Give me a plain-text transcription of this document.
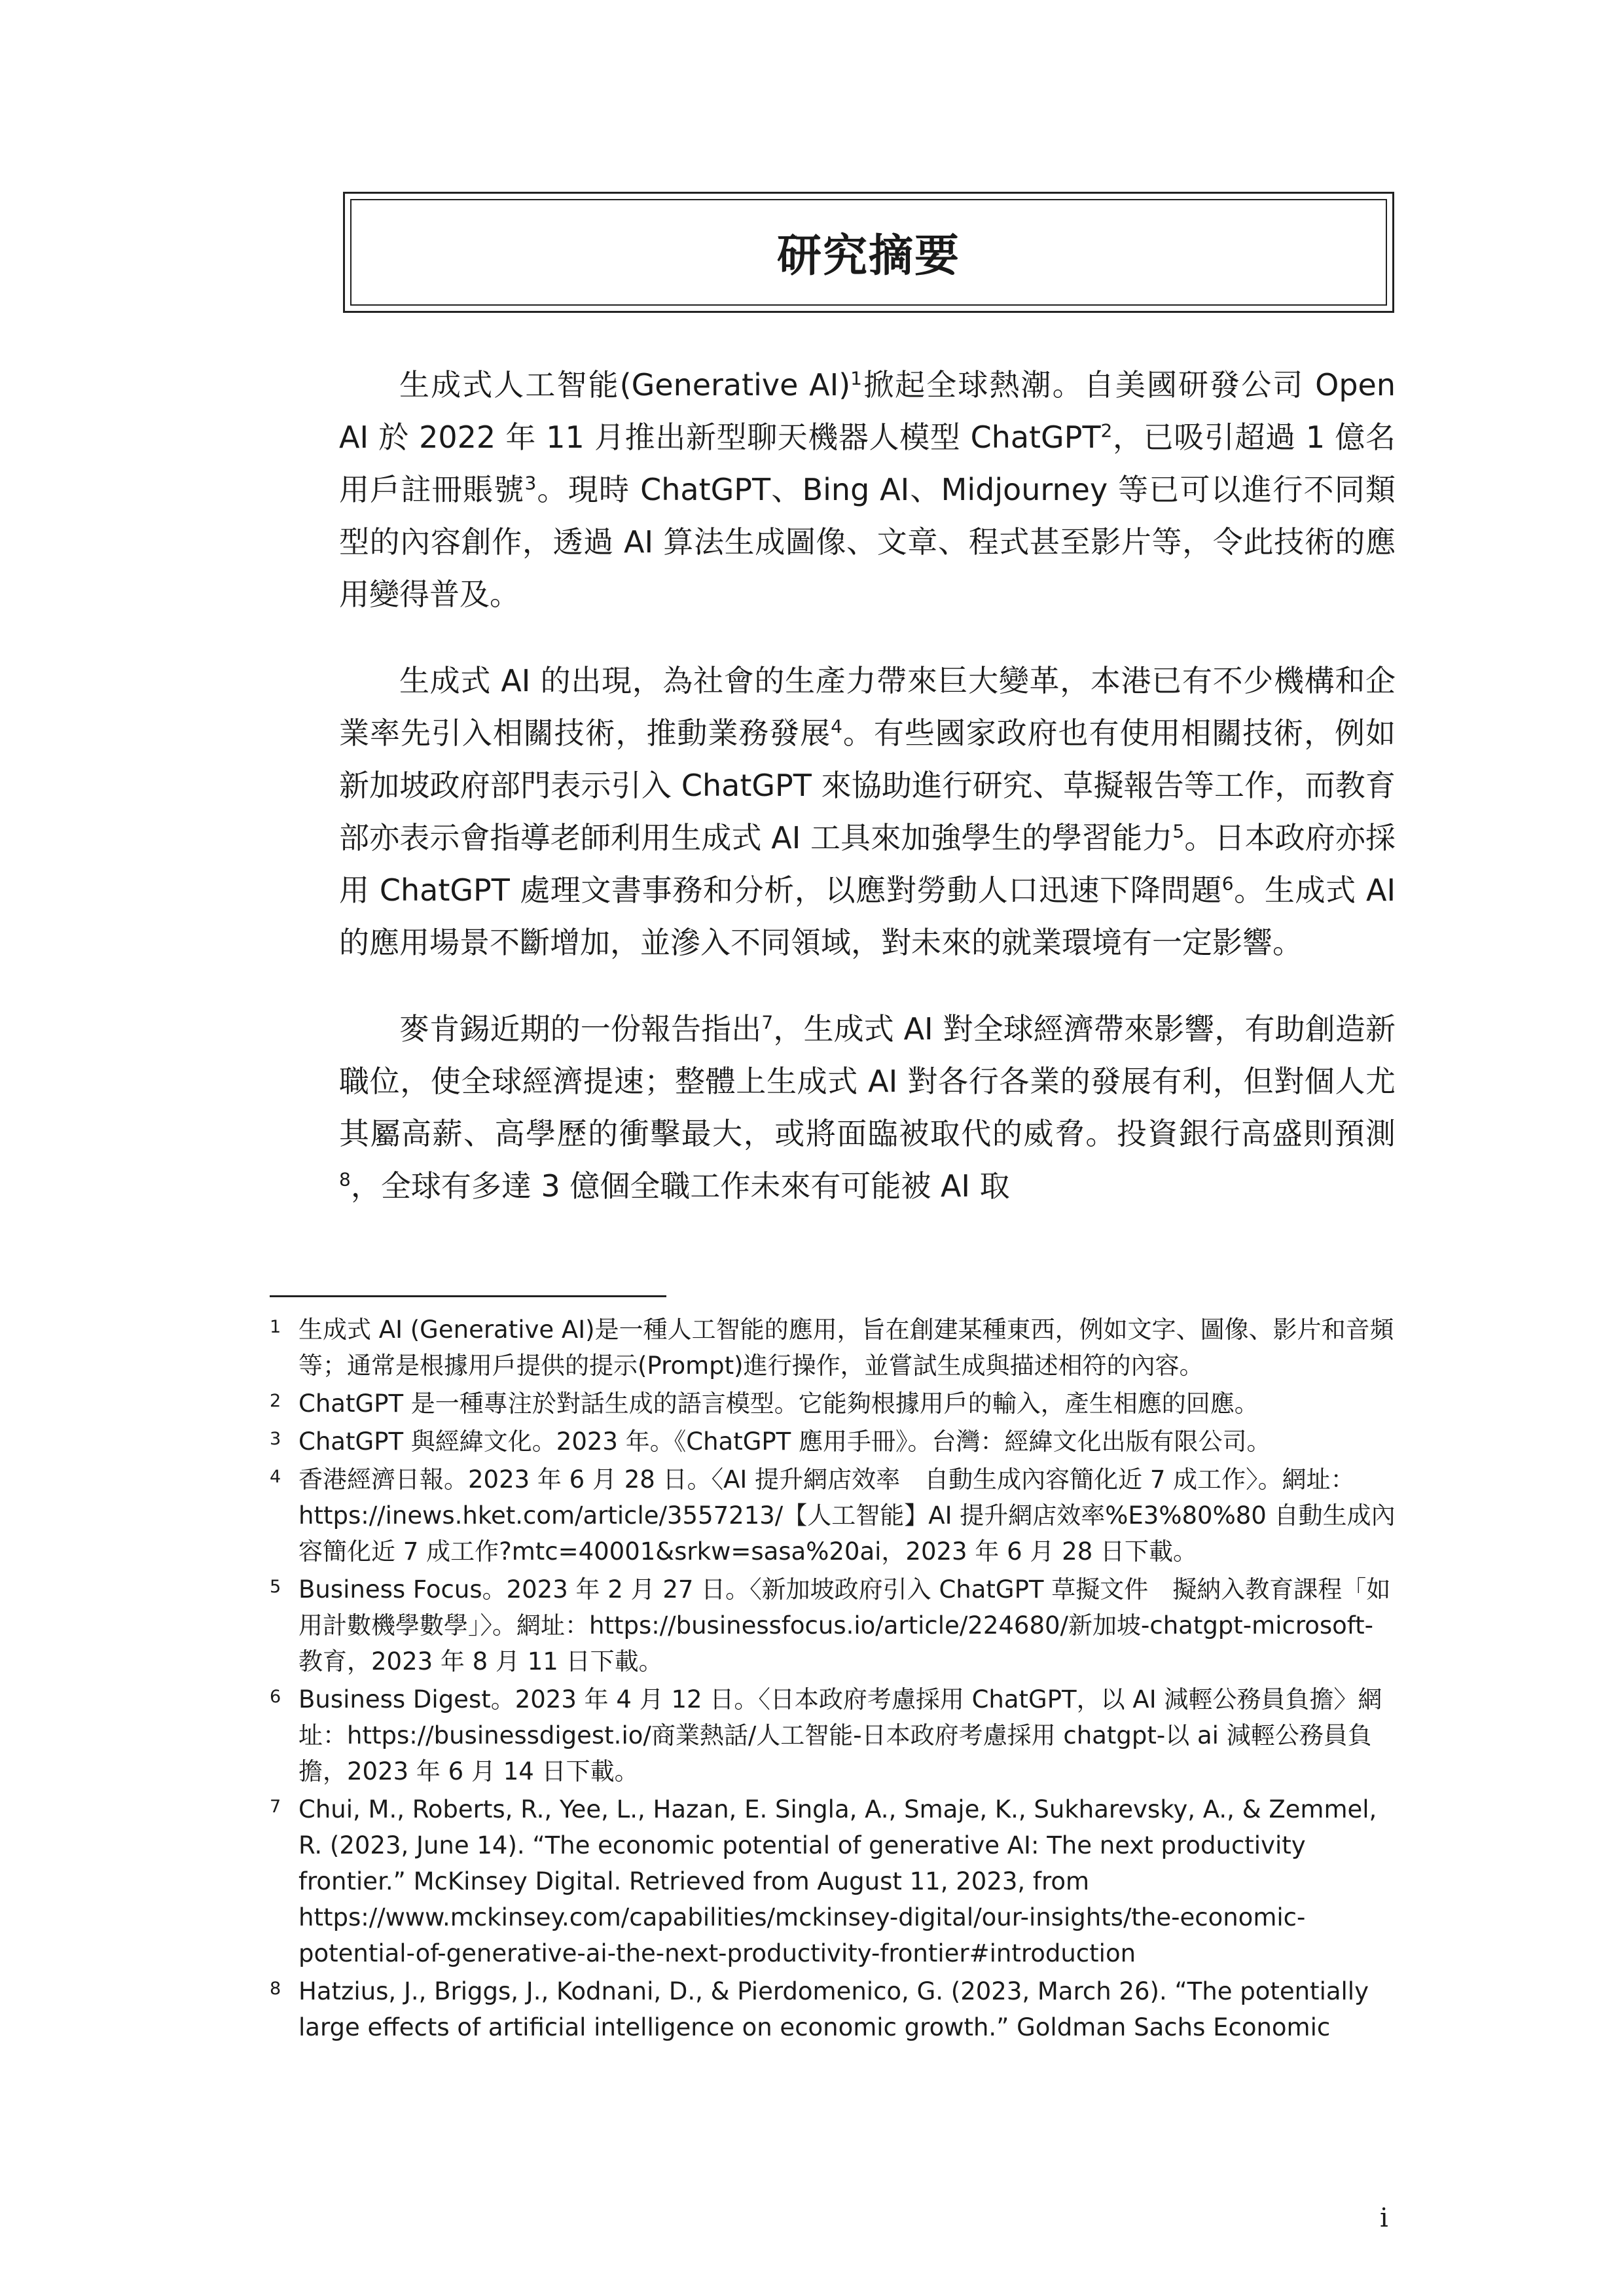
研究摘要

生成式人工智能(Generative AI)$^1$掀起全球熱潮。自美國研發公司 Open AI 於 2022 年 11 月推出新型聊天機器人模型 ChatGPT$^2$，已吸引超過 1 億名用戶註冊賬號$^3$。現時 ChatGPT、Bing AI、Midjourney 等已可以進行不同類型的內容創作，透過 AI 算法生成圖像、文章、程式甚至影片等，令此技術的應用變得普及。

生成式 AI 的出現，為社會的生產力帶來巨大變革，本港已有不少機構和企業率先引入相關技術，推動業務發展$^4$。有些國家政府也有使用相關技術，例如新加坡政府部門表示引入 ChatGPT 來協助進行研究、草擬報告等工作，而教育部亦表示會指導老師利用生成式 AI 工具來加強學生的學習能力$^5$。日本政府亦採用 ChatGPT 處理文書事務和分析，以應對勞動人口迅速下降問題$^6$。生成式 AI 的應用場景不斷增加，並滲入不同領域，對未來的就業環境有一定影響。

麥肯錫近期的一份報告指出$^7$，生成式 AI 對全球經濟帶來影響，有助創造新職位，使全球經濟提速；整體上生成式 AI 對各行各業的發展有利，但對個人尤其屬高薪、高學歷的衝擊最大，或將面臨被取代的威脅。投資銀行高盛則預測$^8$，全球有多達 3 億個全職工作未來有可能被 AI 取

1 生成式 AI (Generative AI)是一種人工智能的應用，旨在創建某種東西，例如文字、圖像、影片和音頻等；通常是根據用戶提供的提示(Prompt)進行操作，並嘗試生成與描述相符的內容。
2 ChatGPT 是一種專注於對話生成的語言模型。它能夠根據用戶的輸入，產生相應的回應。
3 ChatGPT 與經緯文化。2023 年。《ChatGPT 應用手冊》。台灣：經緯文化出版有限公司。
4 香港經濟日報。2023 年 6 月 28 日。〈AI 提升網店效率　自動生成內容簡化近 7 成工作〉。網址：https://inews.hket.com/article/3557213/【人工智能】AI 提升網店效率%E3%80%80 自動生成內容簡化近 7 成工作?mtc=40001&srkw=sasa%20ai，2023 年 6 月 28 日下載。
5 Business Focus。2023 年 2 月 27 日。〈新加坡政府引入 ChatGPT 草擬文件　擬納入教育課程「如用計數機學數學」〉。網址：https://businessfocus.io/article/224680/新加坡-chatgpt-microsoft-教育，2023 年 8 月 11 日下載。
6 Business Digest。2023 年 4 月 12 日。〈日本政府考慮採用 ChatGPT，以 AI 減輕公務員負擔〉網址：https://businessdigest.io/商業熱話/人工智能-日本政府考慮採用 chatgpt-以 ai 減輕公務員負擔，2023 年 6 月 14 日下載。
7 Chui, M., Roberts, R., Yee, L., Hazan, E. Singla, A., Smaje, K., Sukharevsky, A., & Zemmel, R. (2023, June 14). “The economic potential of generative AI: The next productivity frontier.” McKinsey Digital. Retrieved from August 11, 2023, from https://www.mckinsey.com/capabilities/mckinsey-digital/our-insights/the-economic-potential-of-generative-ai-the-next-productivity-frontier#introduction
8 Hatzius, J., Briggs, J., Kodnani, D., & Pierdomenico, G. (2023, March 26). “The potentially large effects of artificial intelligence on economic growth.” Goldman Sachs Economic
i
